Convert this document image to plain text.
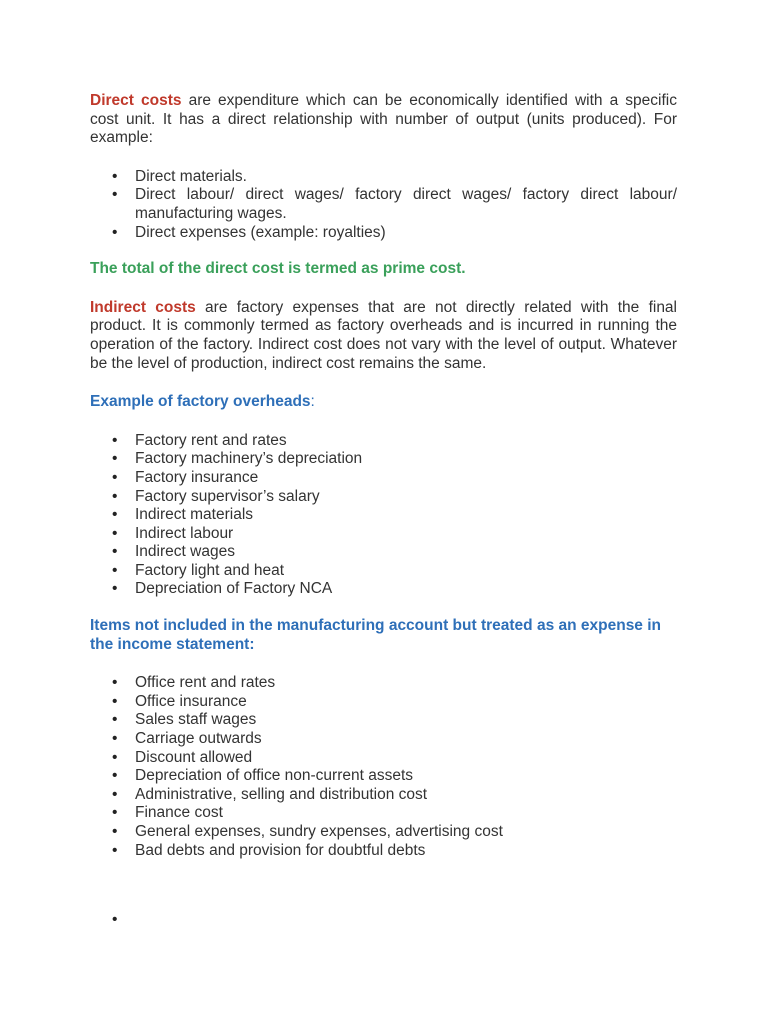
Direct costs are expenditure which can be economically identified with a specific cost unit. It has a direct relationship with number of output (units produced). For example:

• Direct materials.
• Direct labour/ direct wages/ factory direct wages/ factory direct labour/ manufacturing wages.
• Direct expenses (example: royalties)

The total of the direct cost is termed as prime cost.

Indirect costs are factory expenses that are not directly related with the final product. It is commonly termed as factory overheads and is incurred in running the operation of the factory. Indirect cost does not vary with the level of output. Whatever be the level of production, indirect cost remains the same.

Example of factory overheads:

• Factory rent and rates
• Factory machinery’s depreciation
• Factory insurance
• Factory supervisor’s salary
• Indirect materials
• Indirect labour
• Indirect wages
• Factory light and heat
• Depreciation of Factory NCA

Items not included in the manufacturing account but treated as an expense in the income statement:

• Office rent and rates
• Office insurance
• Sales staff wages
• Carriage outwards
• Discount allowed
• Depreciation of office non-current assets
• Administrative, selling and distribution cost
• Finance cost
• General expenses, sundry expenses, advertising cost
• Bad debts and provision for doubtful debts
•
